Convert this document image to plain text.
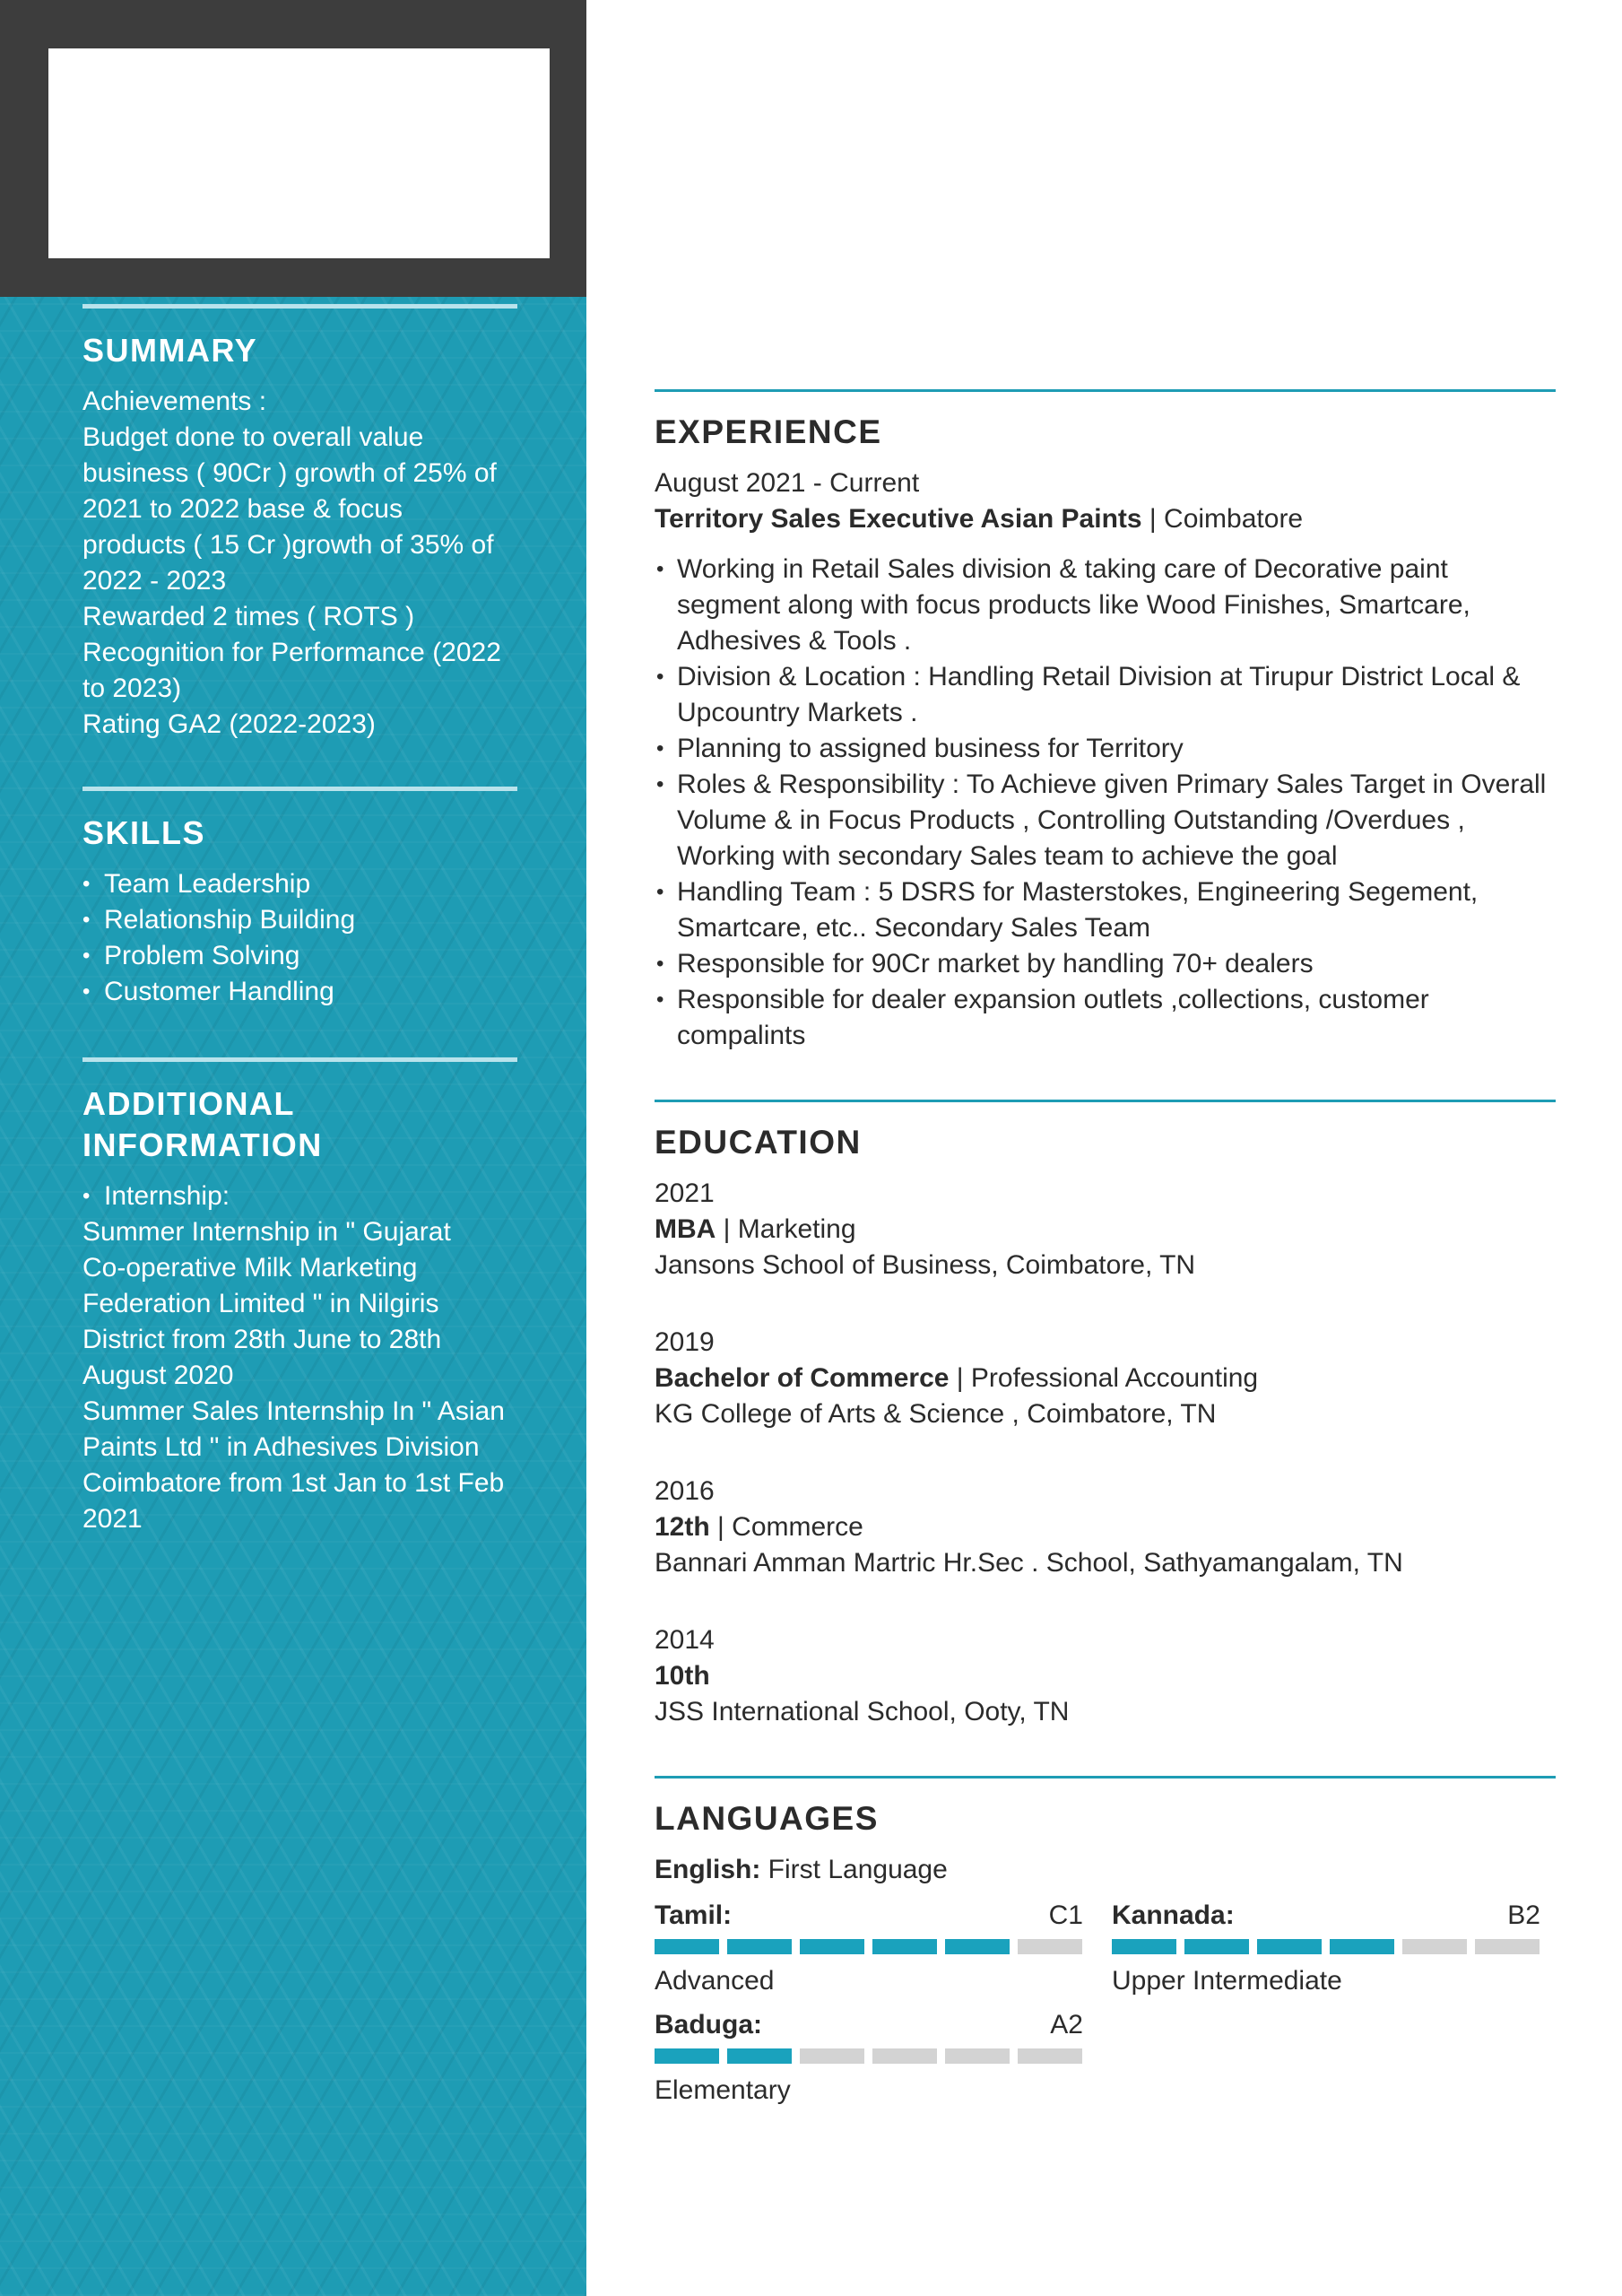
SUMMARY
Achievements :
Budget done to overall value
business ( 90Cr ) growth of 25% of
2021 to 2022 base & focus
products ( 15 Cr )growth of 35% of
2022 - 2023
Rewarded 2 times ( ROTS )
Recognition for Performance (2022
to 2023)
Rating GA2 (2022-2023)
SKILLS
• Team Leadership
• Relationship Building
• Problem Solving
• Customer Handling
ADDITIONAL
INFORMATION
• Internship:
Summer Internship in " Gujarat
Co-operative Milk Marketing
Federation Limited " in Nilgiris
District from 28th June to 28th
August 2020
Summer Sales Internship In " Asian
Paints Ltd " in Adhesives Division
Coimbatore from 1st Jan to 1st Feb
2021
EXPERIENCE
August 2021 - Current
Territory Sales Executive Asian Paints | Coimbatore
• Working in Retail Sales division & taking care of Decorative paint segment along with focus products like Wood Finishes, Smartcare, Adhesives & Tools .
• Division & Location : Handling Retail Division at Tirupur District Local & Upcountry Markets .
• Planning to assigned business for Territory
• Roles & Responsibility : To Achieve given Primary Sales Target in Overall Volume & in Focus Products , Controlling Outstanding /Overdues , Working with secondary Sales team to achieve the goal
• Handling Team : 5 DSRS for Masterstokes, Engineering Segement, Smartcare, etc.. Secondary Sales Team
• Responsible for 90Cr market by handling 70+ dealers
• Responsible for dealer expansion outlets ,collections, customer compalints
EDUCATION
2021
MBA | Marketing
Jansons School of Business, Coimbatore, TN
2019
Bachelor of Commerce | Professional Accounting
KG College of Arts & Science , Coimbatore, TN
2016
12th | Commerce
Bannari Amman Martric Hr.Sec . School, Sathyamangalam, TN
2014
10th
JSS International School, Ooty, TN
LANGUAGES
English: First Language
Tamil:	C1
Advanced
Kannada:	B2
Upper Intermediate
Baduga:	A2
Elementary
